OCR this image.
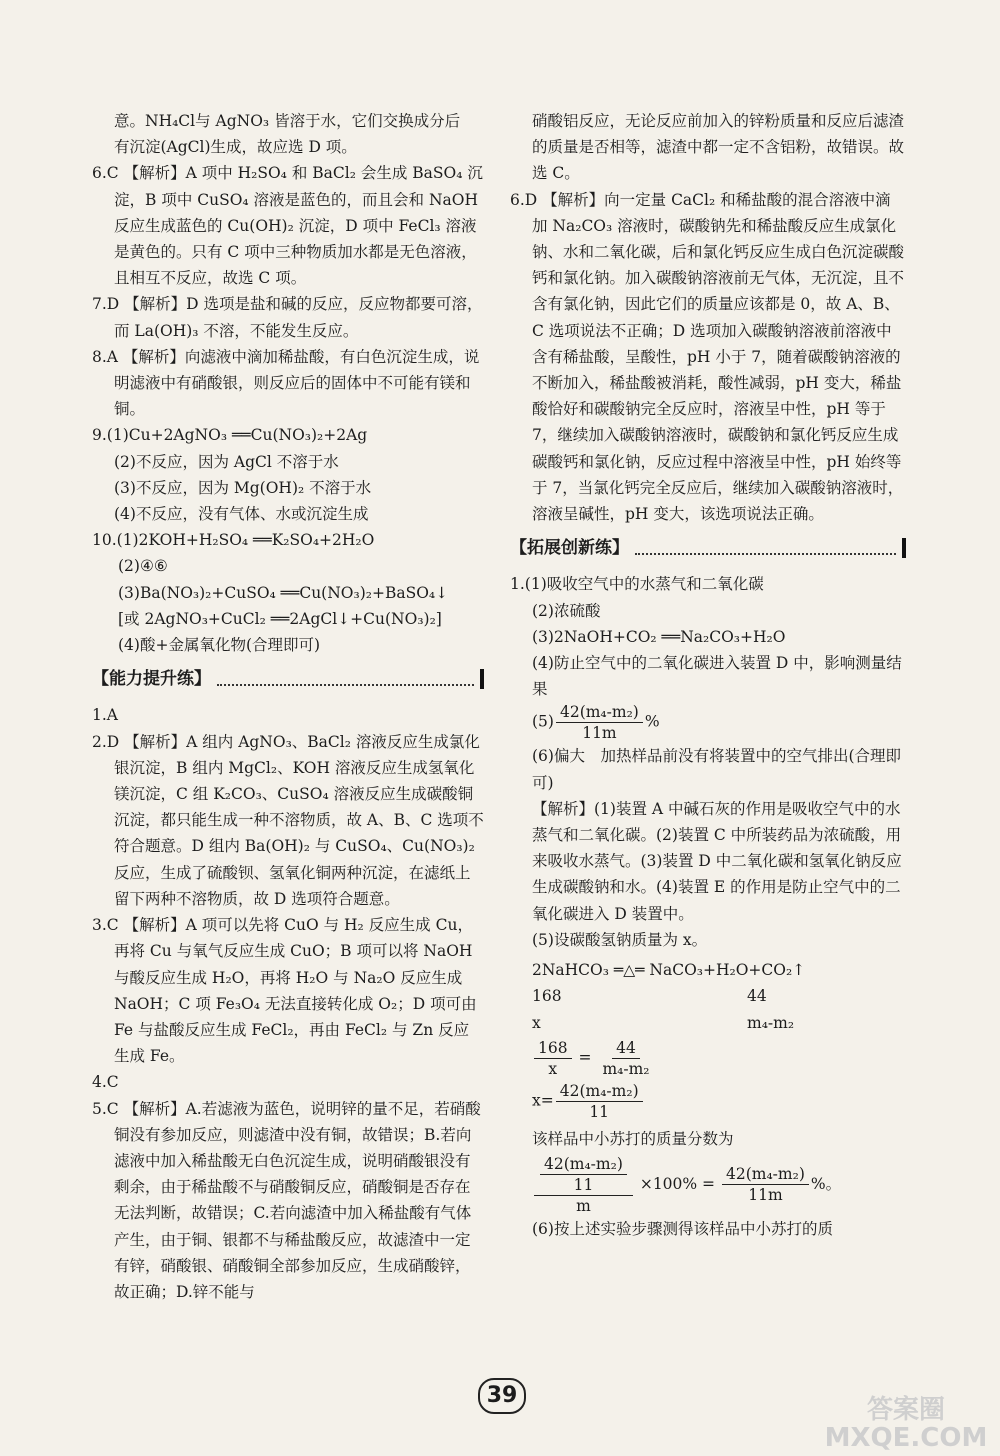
意。NH₄Cl与 AgNO₃ 皆溶于水，它们交换成分后

有沉淀(AgCl)生成，故应选 D 项。

6.C 【解析】A 项中 H₂SO₄ 和 BaCl₂ 会生成 BaSO₄ 沉淀，B 项中 CuSO₄ 溶液是蓝色的，而且会和 NaOH 反应生成蓝色的 Cu(OH)₂ 沉淀，D 项中 FeCl₃ 溶液是黄色的。只有 C 项中三种物质加水都是无色溶液，且相互不反应，故选 C 项。

7.D 【解析】D 选项是盐和碱的反应，反应物都要可溶，而 La(OH)₃ 不溶，不能发生反应。

8.A 【解析】向滤液中滴加稀盐酸，有白色沉淀生成，说明滤液中有硝酸银，则反应后的固体中不可能有镁和铜。

9.(1)Cu+2AgNO₃ ══Cu(NO₃)₂+2Ag

(2)不反应，因为 AgCl 不溶于水

(3)不反应，因为 Mg(OH)₂ 不溶于水

(4)不反应，没有气体、水或沉淀生成

10.(1)2KOH+H₂SO₄ ══K₂SO₄+2H₂O

(2)④⑥

(3)Ba(NO₃)₂+CuSO₄ ══Cu(NO₃)₂+BaSO₄↓

[或 2AgNO₃+CuCl₂ ══2AgCl↓+Cu(NO₃)₂]

(4)酸+金属氧化物(合理即可)

【能力提升练】

1.A

2.D 【解析】A 组内 AgNO₃、BaCl₂ 溶液反应生成氯化银沉淀，B 组内 MgCl₂、KOH 溶液反应生成氢氧化镁沉淀，C 组 K₂CO₃、CuSO₄ 溶液反应生成碳酸铜沉淀，都只能生成一种不溶物质，故 A、B、C 选项不符合题意。D 组内 Ba(OH)₂ 与 CuSO₄、Cu(NO₃)₂ 反应，生成了硫酸钡、氢氧化铜两种沉淀，在滤纸上留下两种不溶物质，故 D 选项符合题意。

3.C 【解析】A 项可以先将 CuO 与 H₂ 反应生成 Cu，再将 Cu 与氧气反应生成 CuO；B 项可以将 NaOH 与酸反应生成 H₂O，再将 H₂O 与 Na₂O 反应生成 NaOH；C 项 Fe₃O₄ 无法直接转化成 O₂；D 项可由 Fe 与盐酸反应生成 FeCl₂，再由 FeCl₂ 与 Zn 反应生成 Fe。

4.C

5.C 【解析】A.若滤液为蓝色，说明锌的量不足，若硝酸铜没有参加反应，则滤渣中没有铜，故错误；B.若向滤液中加入稀盐酸无白色沉淀生成，说明硝酸银没有剩余，由于稀盐酸不与硝酸铜反应，硝酸铜是否存在无法判断，故错误；C.若向滤渣中加入稀盐酸有气体产生，由于铜、银都不与稀盐酸反应，故滤渣中一定有锌，硝酸银、硝酸铜全部参加反应，生成硝酸锌，故正确；D.锌不能与

硝酸铝反应，无论反应前加入的锌粉质量和反应后滤渣的质量是否相等，滤渣中都一定不含铝粉，故错误。故选 C。

6.D 【解析】向一定量 CaCl₂ 和稀盐酸的混合溶液中滴加 Na₂CO₃ 溶液时，碳酸钠先和稀盐酸反应生成氯化钠、水和二氧化碳，后和氯化钙反应生成白色沉淀碳酸钙和氯化钠。加入碳酸钠溶液前无气体，无沉淀，且不含有氯化钠，因此它们的质量应该都是 0，故 A、B、C 选项说法不正确；D 选项加入碳酸钠溶液前溶液中含有稀盐酸，呈酸性，pH 小于 7，随着碳酸钠溶液的不断加入，稀盐酸被消耗，酸性减弱，pH 变大，稀盐酸恰好和碳酸钠完全反应时，溶液呈中性，pH 等于 7，继续加入碳酸钠溶液时，碳酸钠和氯化钙反应生成碳酸钙和氯化钠，反应过程中溶液呈中性，pH 始终等于 7，当氯化钙完全反应后，继续加入碳酸钠溶液时，溶液呈碱性，pH 变大，该选项说法正确。

【拓展创新练】

1.(1)吸收空气中的水蒸气和二氧化碳

(2)浓硫酸

(3)2NaOH+CO₂ ══Na₂CO₃+H₂O

(4)防止空气中的二氧化碳进入装置 D 中，影响测量结果

$(5) \frac{\text{42(m₄-m₂)}}{11m}$ %

(6)偏大　加热样品前没有将装置中的空气排出(合理即可)

【解析】(1)装置 A 中碱石灰的作用是吸收空气中的水蒸气和二氧化碳。(2)装置 C 中所装药品为浓硫酸，用来吸收水蒸气。(3)装置 D 中二氧化碳和氢氧化钠反应生成碳酸钠和水。(4)装置 E 的作用是防止空气中的二氧化碳进入 D 装置中。

(5)设碳酸氢钠质量为 x。

2NaHCO₃ ═△═ NaCO₃+H₂O+CO₂↑

168	44
x	m₄-m₂

$\frac{168}{x} = \frac{44}{\text{m₄-m₂}}$

$x= \frac{\text{42(m₄-m₂)}}{11}$

该样品中小苏打的质量分数为

$\frac{\frac{\text{42(m₄-m₂)}}{11}}{m} \times 100\% = \frac{\text{42(m₄-m₂)}}{11m}$ %。

(6)按上述实验步骤测得该样品中小苏打的质

39	答案圈 MXQE.COM
